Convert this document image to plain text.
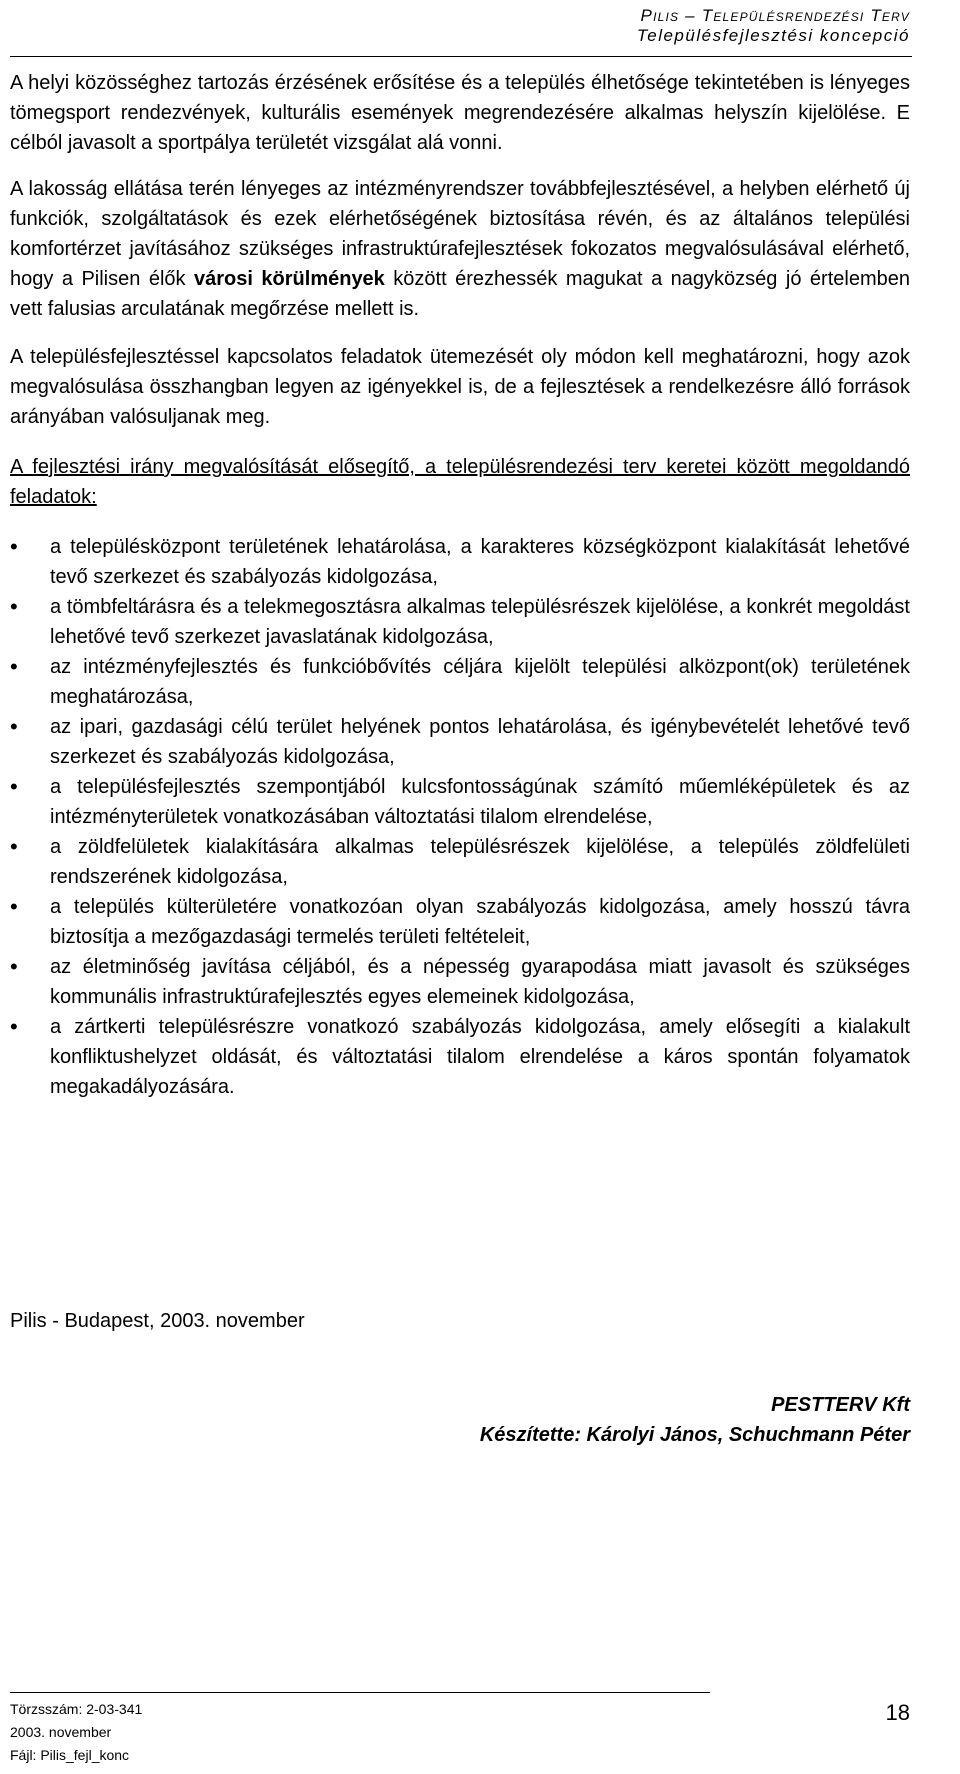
Pilis – Településrendezési Terv
Településfejlesztési koncepció

A helyi közösséghez tartozás érzésének erősítése és a település élhetősége tekintetében is lényeges tömegsport rendezvények, kulturális események megrendezésére alkalmas helyszín kijelölése. E célból javasolt a sportpálya területét vizsgálat alá vonni.

A lakosság ellátása terén lényeges az intézményrendszer továbbfejlesztésével, a helyben elérhető új funkciók, szolgáltatások és ezek elérhetőségének biztosítása révén, és az általános települési komfortérzet javításához szükséges infrastruktúrafejlesztések fokozatos megvalósulásával elérhető, hogy a Pilisen élők városi körülmények között érezhessék magukat a nagyközség jó értelemben vett falusias arculatának megőrzése mellett is.

A településfejlesztéssel kapcsolatos feladatok ütemezését oly módon kell meghatározni, hogy azok megvalósulása összhangban legyen az igényekkel is, de a fejlesztések a rendelkezésre álló források arányában valósuljanak meg.

A fejlesztési irány megvalósítását elősegítő, a településrendezési terv keretei között megoldandó feladatok:

• a településközpont területének lehatárolása, a karakteres községközpont kialakítását lehetővé tevő szerkezet és szabályozás kidolgozása,
• a tömbfeltárásra és a telekmegosztásra alkalmas településrészek kijelölése, a konkrét megoldást lehetővé tevő szerkezet javaslatának kidolgozása,
• az intézményfejlesztés és funkcióbővítés céljára kijelölt települési alközpont(ok) területének meghatározása,
• az ipari, gazdasági célú terület helyének pontos lehatárolása, és igénybevételét lehetővé tevő szerkezet és szabályozás kidolgozása,
• a településfejlesztés szempontjából kulcsfontosságúnak számító műemléképületek és az intézményterületek vonatkozásában változtatási tilalom elrendelése,
• a zöldfelületek kialakítására alkalmas településrészek kijelölése, a település zöldfelületi rendszerének kidolgozása,
• a település külterületére vonatkozóan olyan szabályozás kidolgozása, amely hosszú távra biztosítja a mezőgazdasági termelés területi feltételeit,
• az életminőség javítása céljából, és a népesség gyarapodása miatt javasolt és szükséges kommunális infrastruktúrafejlesztés egyes elemeinek kidolgozása,
• a zártkerti településrészre vonatkozó szabályozás kidolgozása, amely elősegíti a kialakult konfliktushelyzet oldását, és változtatási tilalom elrendelése a káros spontán folyamatok megakadályozására.
Pilis - Budapest, 2003. november
PESTTERV Kft
Készítette: Károlyi János, Schuchmann Péter
Törzsszám: 2-03-341
2003. november
Fájl: Pilis_fejl_konc
18
